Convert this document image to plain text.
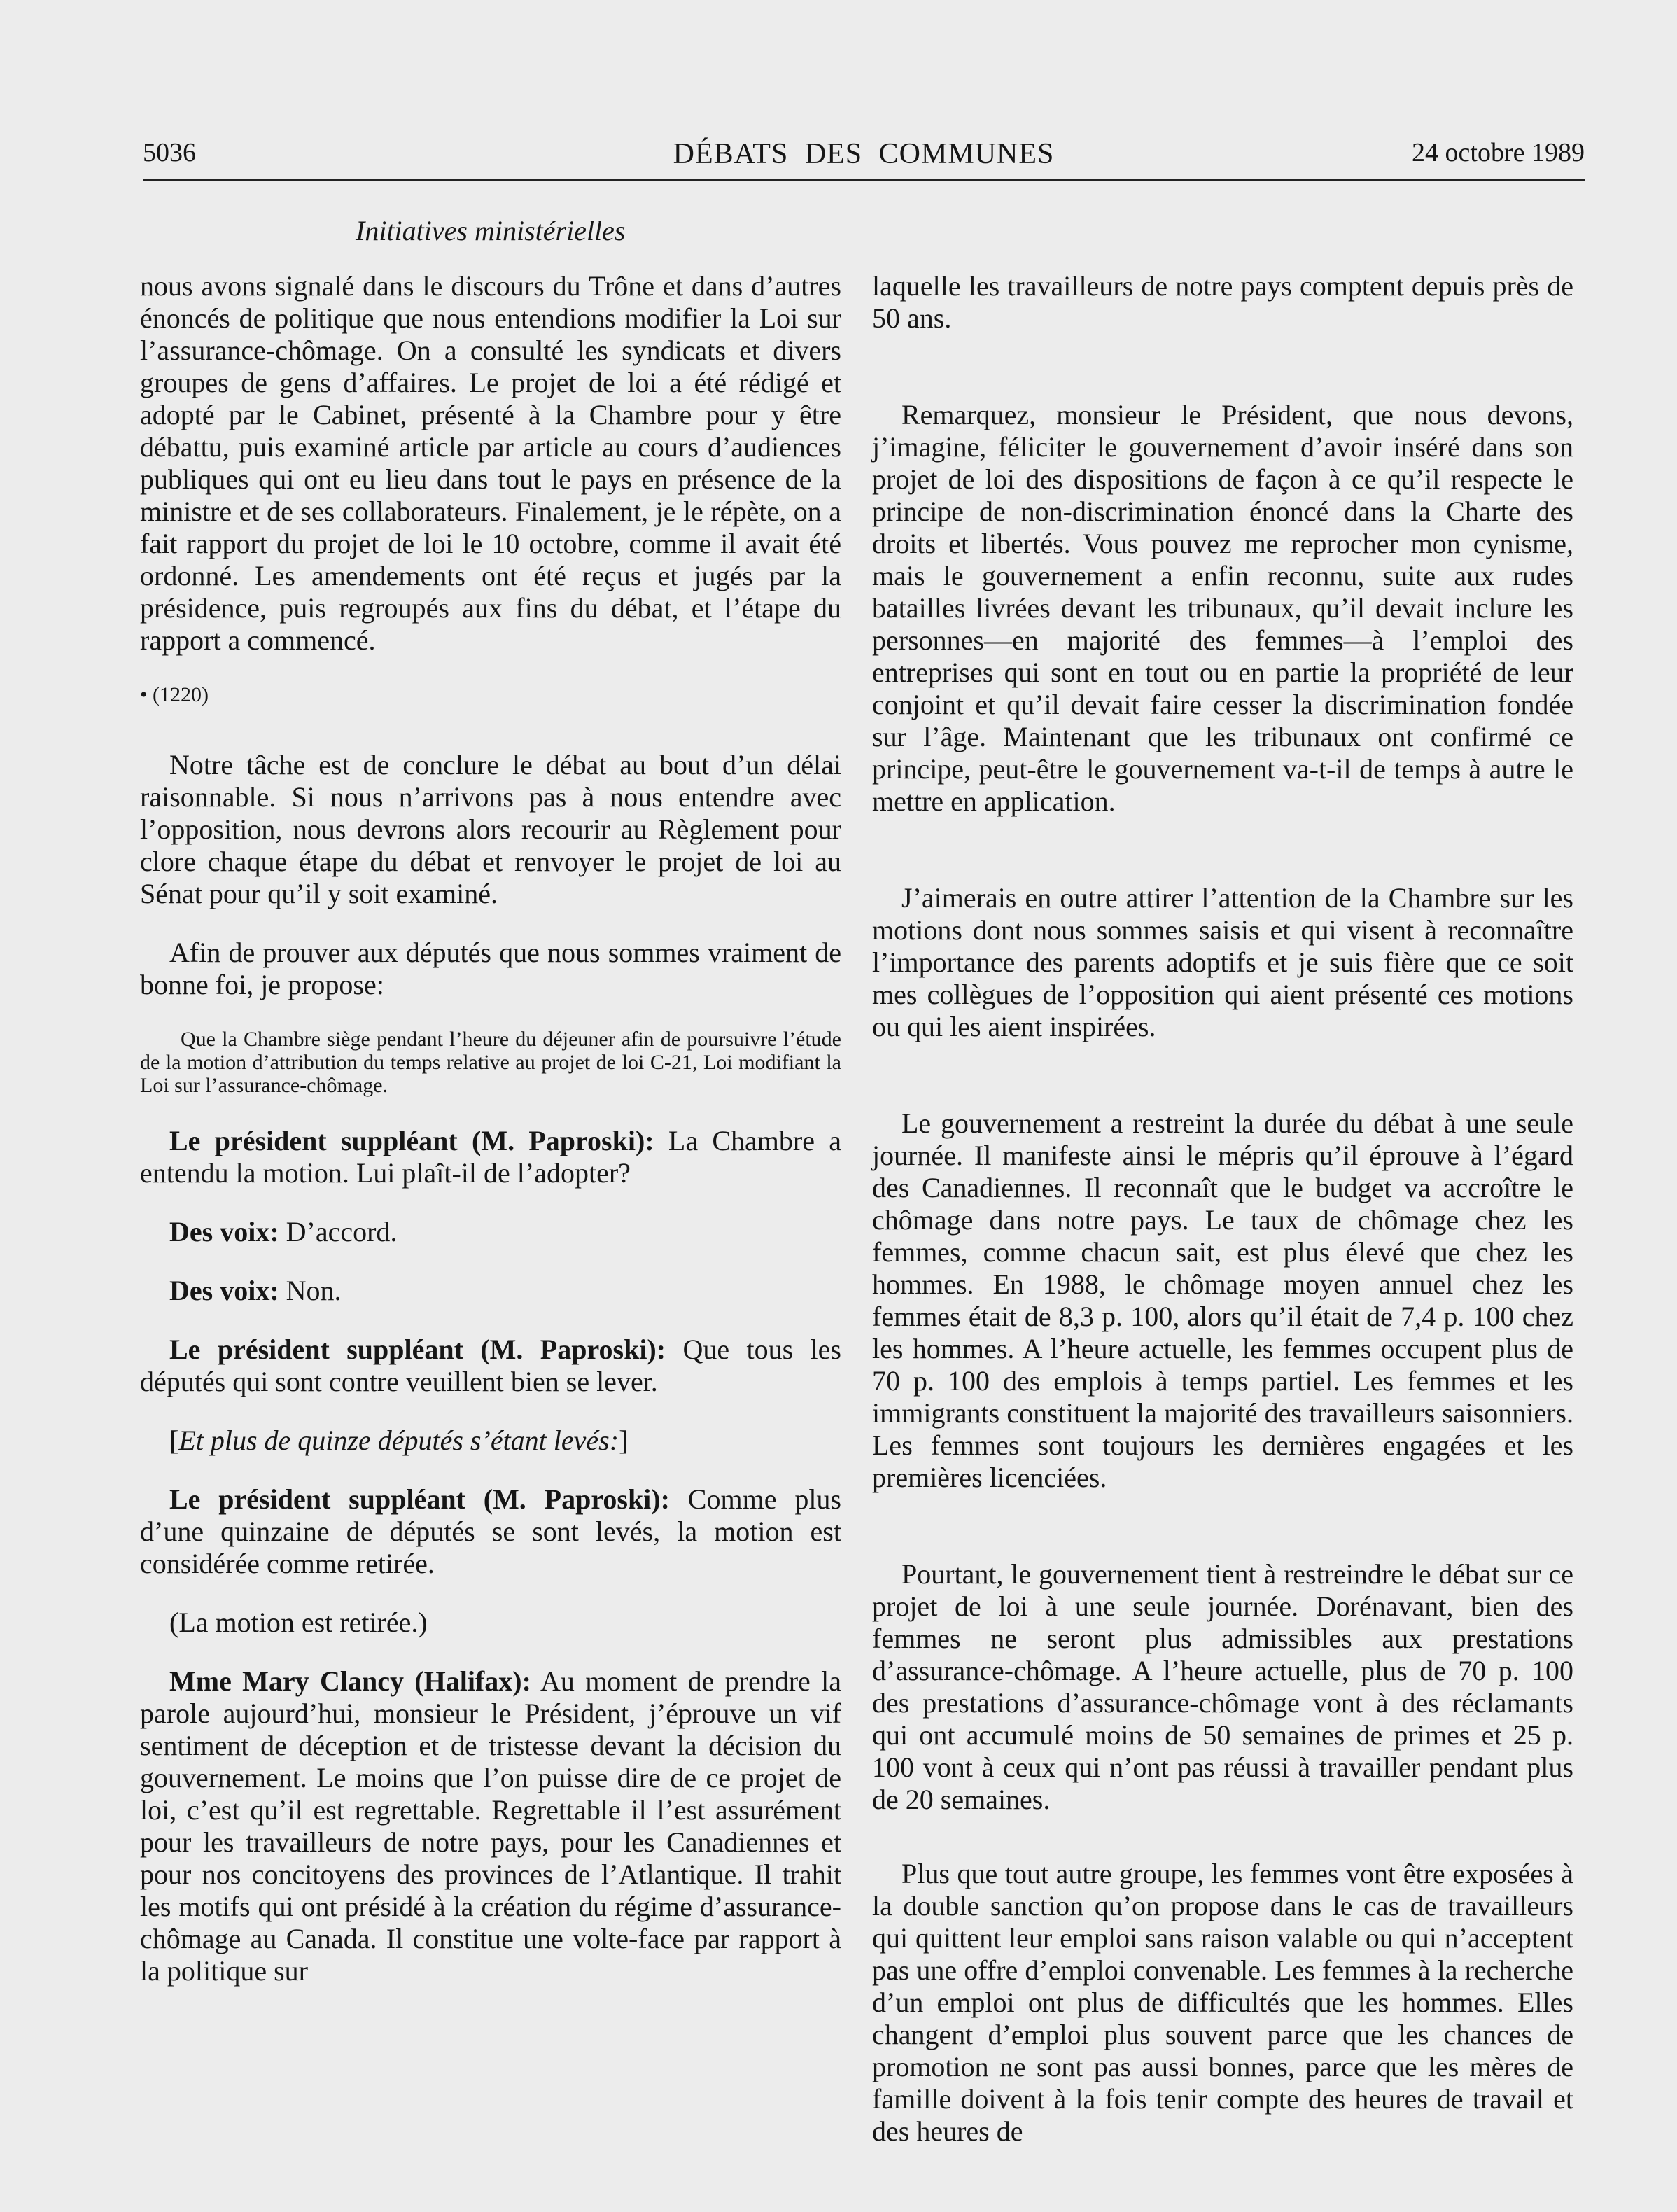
5036	DÉBATS DES COMMUNES	24 octobre 1989
Initiatives ministérielles

nous avons signalé dans le discours du Trône et dans d’autres énoncés de politique que nous entendions modifier la Loi sur l’assurance-chômage. On a consulté les syndicats et divers groupes de gens d’affaires. Le projet de loi a été rédigé et adopté par le Cabinet, présenté à la Chambre pour y être débattu, puis examiné article par article au cours d’audiences publiques qui ont eu lieu dans tout le pays en présence de la ministre et de ses collaborateurs. Finalement, je le répète, on a fait rapport du projet de loi le 10 octobre, comme il avait été ordonné. Les amendements ont été reçus et jugés par la présidence, puis regroupés aux fins du débat, et l’étape du rapport a commencé.

• (1220)

Notre tâche est de conclure le débat au bout d’un délai raisonnable. Si nous n’arrivons pas à nous entendre avec l’opposition, nous devrons alors recourir au Règlement pour clore chaque étape du débat et renvoyer le projet de loi au Sénat pour qu’il y soit examiné.

Afin de prouver aux députés que nous sommes vraiment de bonne foi, je propose:

Que la Chambre siège pendant l’heure du déjeuner afin de poursuivre l’étude de la motion d’attribution du temps relative au projet de loi C-21, Loi modifiant la Loi sur l’assurance-chômage.

Le président suppléant (M. Paproski): La Chambre a entendu la motion. Lui plaît-il de l’adopter?

Des voix: D’accord.

Des voix: Non.

Le président suppléant (M. Paproski): Que tous les députés qui sont contre veuillent bien se lever.

[Et plus de quinze députés s’étant levés:]

Le président suppléant (M. Paproski): Comme plus d’une quinzaine de députés se sont levés, la motion est considérée comme retirée.

(La motion est retirée.)

Mme Mary Clancy (Halifax): Au moment de prendre la parole aujourd’hui, monsieur le Président, j’éprouve un vif sentiment de déception et de tristesse devant la décision du gouvernement. Le moins que l’on puisse dire de ce projet de loi, c’est qu’il est regrettable. Regrettable il l’est assurément pour les travailleurs de notre pays, pour les Canadiennes et pour nos concitoyens des provinces de l’Atlantique. Il trahit les motifs qui ont présidé à la création du régime d’assurance-chômage au Canada. Il constitue une volte-face par rapport à la politique sur

laquelle les travailleurs de notre pays comptent depuis près de 50 ans.

Remarquez, monsieur le Président, que nous devons, j’imagine, féliciter le gouvernement d’avoir inséré dans son projet de loi des dispositions de façon à ce qu’il respecte le principe de non-discrimination énoncé dans la Charte des droits et libertés. Vous pouvez me reprocher mon cynisme, mais le gouvernement a enfin reconnu, suite aux rudes batailles livrées devant les tribunaux, qu’il devait inclure les personnes—en majorité des femmes—à l’emploi des entreprises qui sont en tout ou en partie la propriété de leur conjoint et qu’il devait faire cesser la discrimination fondée sur l’âge. Maintenant que les tribunaux ont confirmé ce principe, peut-être le gouvernement va-t-il de temps à autre le mettre en application.

J’aimerais en outre attirer l’attention de la Chambre sur les motions dont nous sommes saisis et qui visent à reconnaître l’importance des parents adoptifs et je suis fière que ce soit mes collègues de l’opposition qui aient présenté ces motions ou qui les aient inspirées.

Le gouvernement a restreint la durée du débat à une seule journée. Il manifeste ainsi le mépris qu’il éprouve à l’égard des Canadiennes. Il reconnaît que le budget va accroître le chômage dans notre pays. Le taux de chômage chez les femmes, comme chacun sait, est plus élevé que chez les hommes. En 1988, le chômage moyen annuel chez les femmes était de 8,3 p. 100, alors qu’il était de 7,4 p. 100 chez les hommes. A l’heure actuelle, les femmes occupent plus de 70 p. 100 des emplois à temps partiel. Les femmes et les immigrants constituent la majorité des travailleurs saisonniers. Les femmes sont toujours les dernières engagées et les premières licenciées.

Pourtant, le gouvernement tient à restreindre le débat sur ce projet de loi à une seule journée. Dorénavant, bien des femmes ne seront plus admissibles aux prestations d’assurance-chômage. A l’heure actuelle, plus de 70 p. 100 des prestations d’assurance-chômage vont à des réclamants qui ont accumulé moins de 50 semaines de primes et 25 p. 100 vont à ceux qui n’ont pas réussi à travailler pendant plus de 20 semaines.

Plus que tout autre groupe, les femmes vont être exposées à la double sanction qu’on propose dans le cas de travailleurs qui quittent leur emploi sans raison valable ou qui n’acceptent pas une offre d’emploi convenable. Les femmes à la recherche d’un emploi ont plus de difficultés que les hommes. Elles changent d’emploi plus souvent parce que les chances de promotion ne sont pas aussi bonnes, parce que les mères de famille doivent à la fois tenir compte des heures de travail et des heures de
